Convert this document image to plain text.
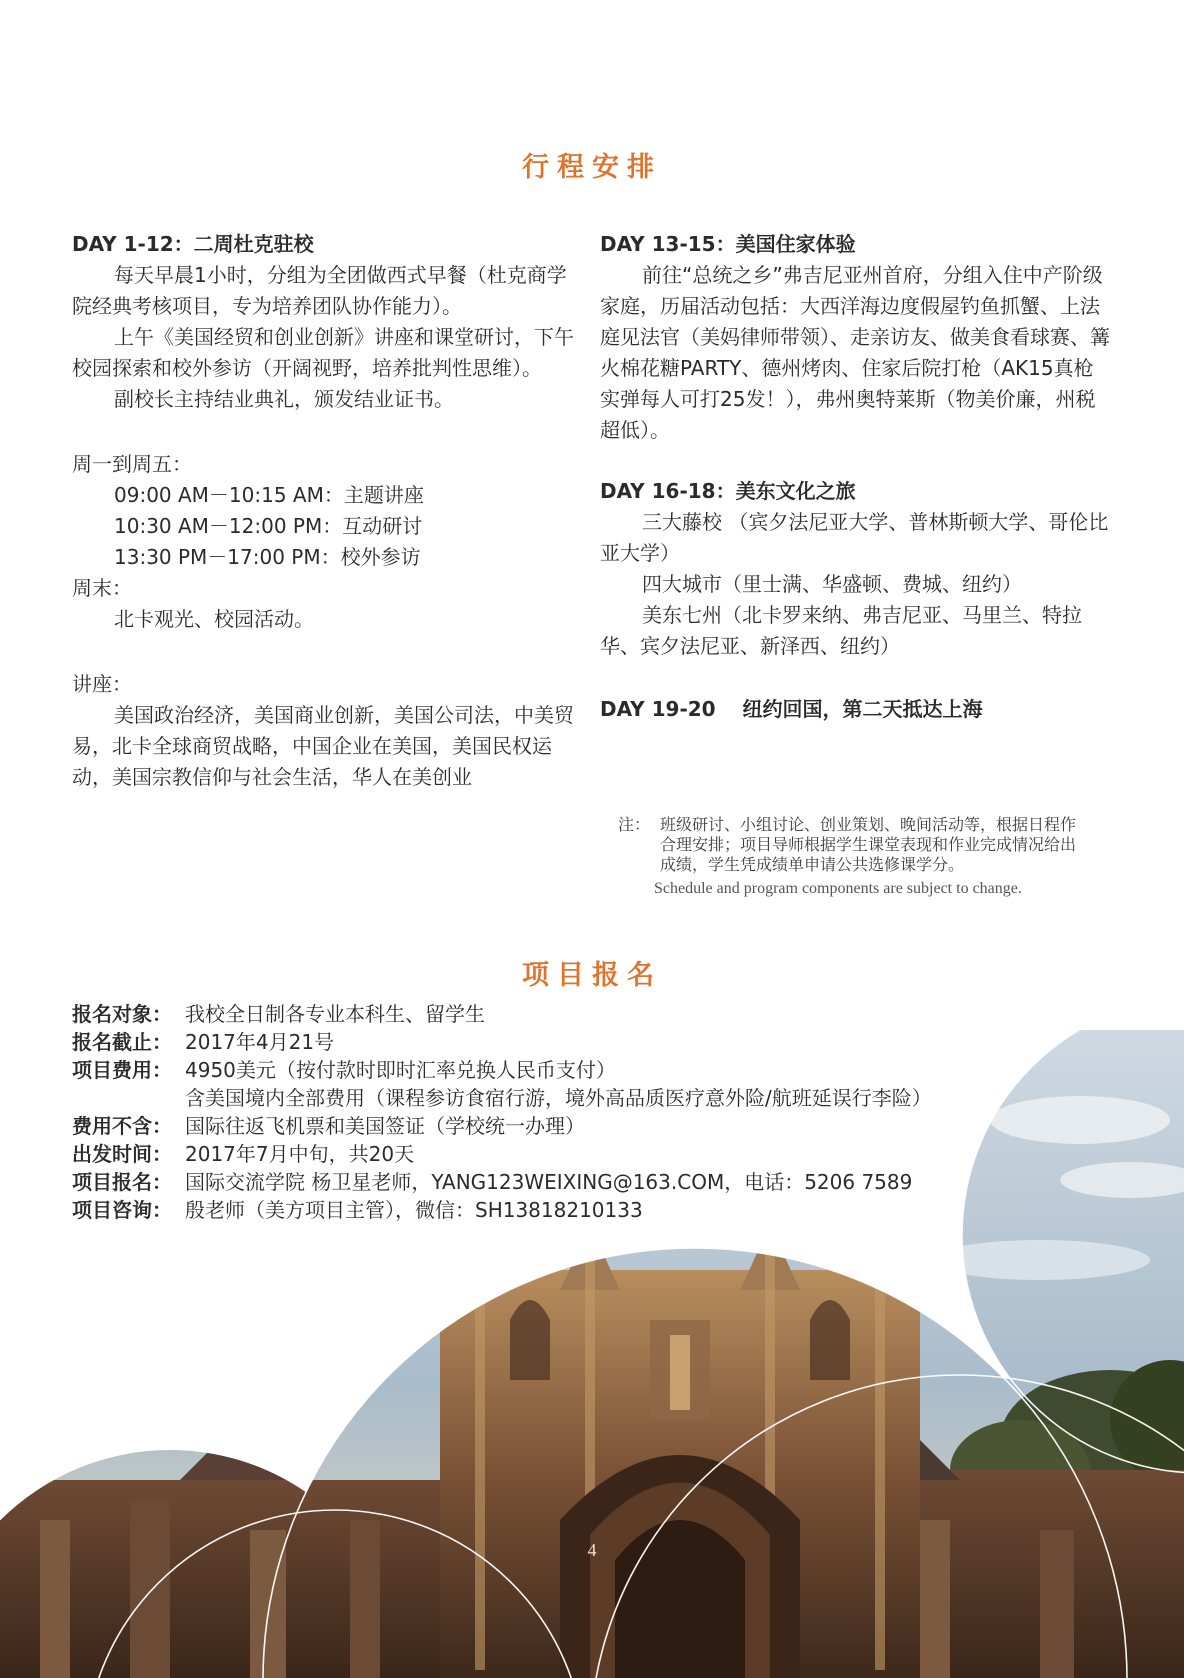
行程安排

DAY 1-12：二周杜克驻校

每天早晨1小时，分组为全团做西式早餐（杜克商学院经典考核项目，专为培养团队协作能力）。

上午《美国经贸和创业创新》讲座和课堂研讨，下午校园探索和校外参访（开阔视野，培养批判性思维）。

副校长主持结业典礼，颁发结业证书。

周一到周五：

09:00 AM－10:15 AM：主题讲座

10:30 AM－12:00 PM：互动研讨

13:30 PM－17:00 PM：校外参访

周末：

北卡观光、校园活动。

讲座：

美国政治经济，美国商业创新，美国公司法，中美贸易，北卡全球商贸战略，中国企业在美国，美国民权运动，美国宗教信仰与社会生活，华人在美创业

DAY 13-15：美国住家体验

前往“总统之乡”弗吉尼亚州首府，分组入住中产阶级家庭，历届活动包括：大西洋海边度假屋钓鱼抓蟹、上法庭见法官（美妈律师带领）、走亲访友、做美食看球赛、篝火棉花糖PARTY、德州烤肉、住家后院打枪（AK15真枪实弹每人可打25发！），弗州奥特莱斯（物美价廉，州税超低）。

DAY 16-18：美东文化之旅

三大藤校 （宾夕法尼亚大学、普林斯顿大学、哥伦比亚大学）

四大城市（里士满、华盛顿、费城、纽约）

美东七州（北卡罗来纳、弗吉尼亚、马里兰、特拉华、宾夕法尼亚、新泽西、纽约）

DAY 19-20　 纽约回国，第二天抵达上海

注： 班级研讨、小组讨论、创业策划、晚间活动等，根据日程作合理安排；项目导师根据学生课堂表现和作业完成情况给出成绩，学生凭成绩单申请公共选修课学分。
Schedule and program components are subject to change.
项目报名
报名对象： 我校全日制各专业本科生、留学生
报名截止： 2017年4月21号
项目费用： 4950美元（按付款时即时汇率兑换人民币支付）
含美国境内全部费用（课程参访食宿行游，境外高品质医疗意外险/航班延误行李险）
费用不含： 国际往返飞机票和美国签证（学校统一办理）
出发时间： 2017年7月中旬，共20天
项目报名： 国际交流学院 杨卫星老师，YANG123WEIXING@163.COM，电话：5206 7589
项目咨询： 殷老师（美方项目主管），微信：SH13818210133
4
